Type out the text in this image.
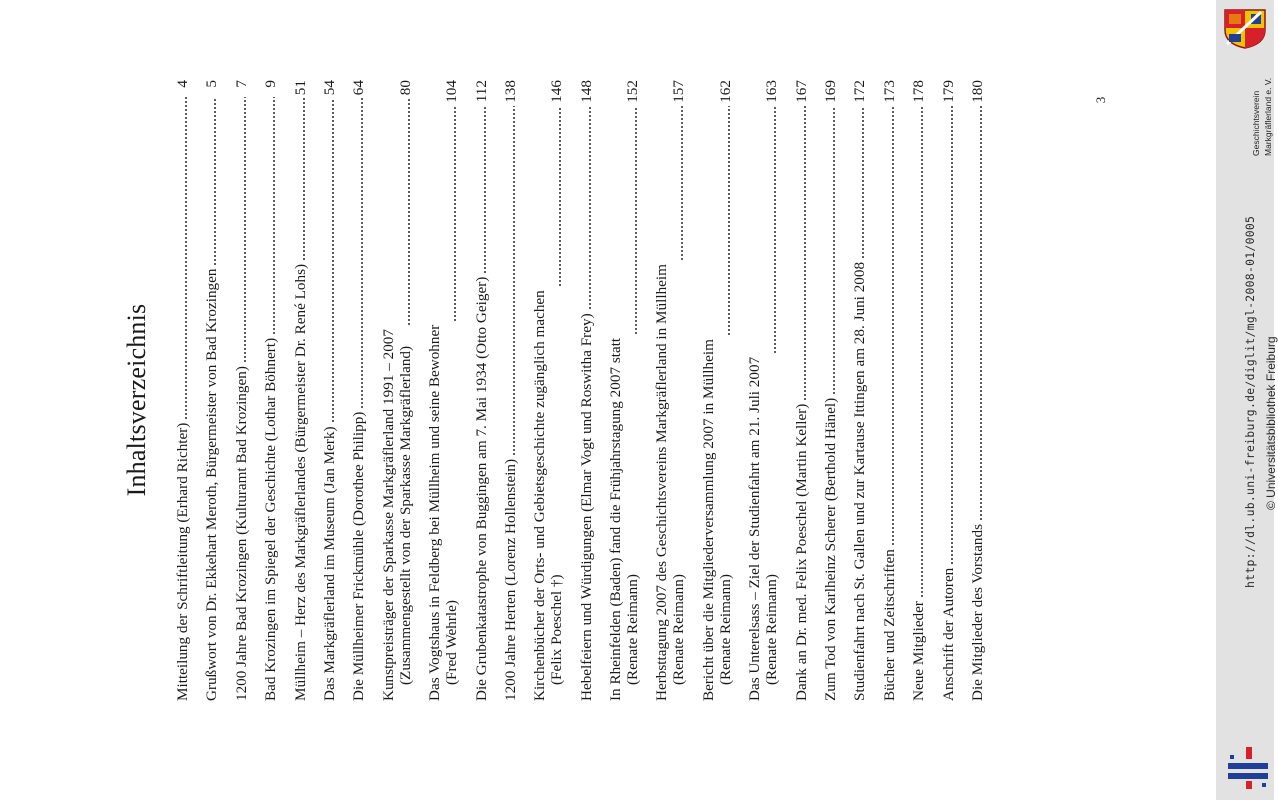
Inhaltsverzeichnis
Mitteilung der Schriftleitung (Erhard Richter)
4
Grußwort von Dr. Ekkehart Meroth, Bürgermeister von Bad Krozingen
5
1200 Jahre Bad Krozingen (Kulturamt Bad Krozingen)
7
Bad Krozingen im Spiegel der Geschichte (Lothar Böhnert)
9
Müllheim – Herz des Markgräflerlandes (Bürgermeister Dr. René Lohs)
51
Das Markgräflerland im Museum (Jan Merk)
54
Die Müllheimer Frickmühle (Dorothee Philipp)
64
Kunstpreisträger der Sparkasse Markgräflerland 1991 – 2007 (Zusammengestellt von der Sparkasse Markgräflerland)
80
Das Vogtshaus in Feldberg bei Müllheim und seine Bewohner (Fred Wehrle)
104
Die Grubenkatastrophe von Buggingen am 7. Mai 1934 (Otto Geiger)
112
1200 Jahre Herten (Lorenz Hollenstein)
138
Kirchenbücher der Orts- und Gebietsgeschichte zugänglich machen (Felix Poeschel †)
146
Hebelfeiern und Würdigungen (Elmar Vogt und Roswitha Frey)
148
In Rheinfelden (Baden) fand die Frühjahrstagung 2007 statt (Renate Reimann)
152
Herbsttagung 2007 des Geschichtsvereins Markgräflerland in Müllheim (Renate Reimann)
157
Bericht über die Mitgliederversammlung 2007 in Müllheim (Renate Reimann)
162
Das Unterelsass – Ziel der Studienfahrt am 21. Juli 2007 (Renate Reimann)
163
Dank an Dr. med. Felix Poeschel (Martin Keller)
167
Zum Tod von Karlheinz Scherer (Berthold Hänel)
169
Studienfahrt nach St. Gallen und zur Kartause Ittingen am 28. Juni 2008
172
Bücher und Zeitschriften
173
Neue Mitglieder
178
Anschrift der Autoren
179
Die Mitglieder des Vorstands
180	3	Geschichtsverein Markgräflerland e. V.
http://dl.ub.uni-freiburg.de/diglit/mgl-2008-01/0005 © Universitätsbibliothek Freiburg
